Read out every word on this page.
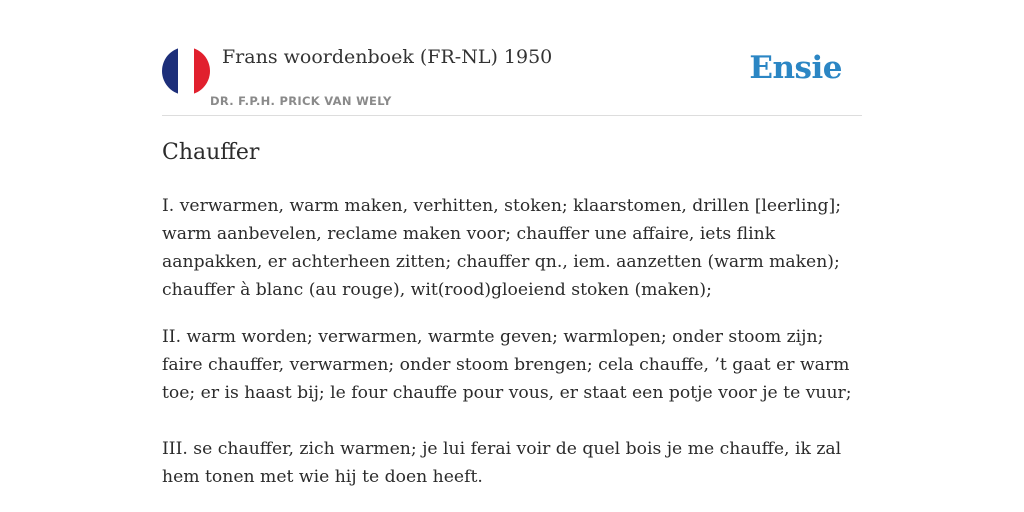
Frans woordenboek (FR-NL) 1950
DR. F.P.H. PRICK VAN WELY
Ensie
Chauffer

I. verwarmen, warm maken, verhitten, stoken; klaarstomen, drillen [leerling]; warm aanbevelen, reclame maken voor; chauffer une affaire, iets flink aanpakken, er achterheen zitten; chauffer qn., iem. aanzetten (warm maken); chauffer à blanc (au rouge), wit(rood)gloeiend stoken (maken);

II. warm worden; verwarmen, warmte geven; warmlopen; onder stoom zijn; faire chauffer, verwarmen; onder stoom brengen; cela chauffe, ’t gaat er warm toe; er is haast bij; le four chauffe pour vous, er staat een potje voor je te vuur;

III. se chauffer, zich warmen; je lui ferai voir de quel bois je me chauffe, ik zal hem tonen met wie hij te doen heeft.
